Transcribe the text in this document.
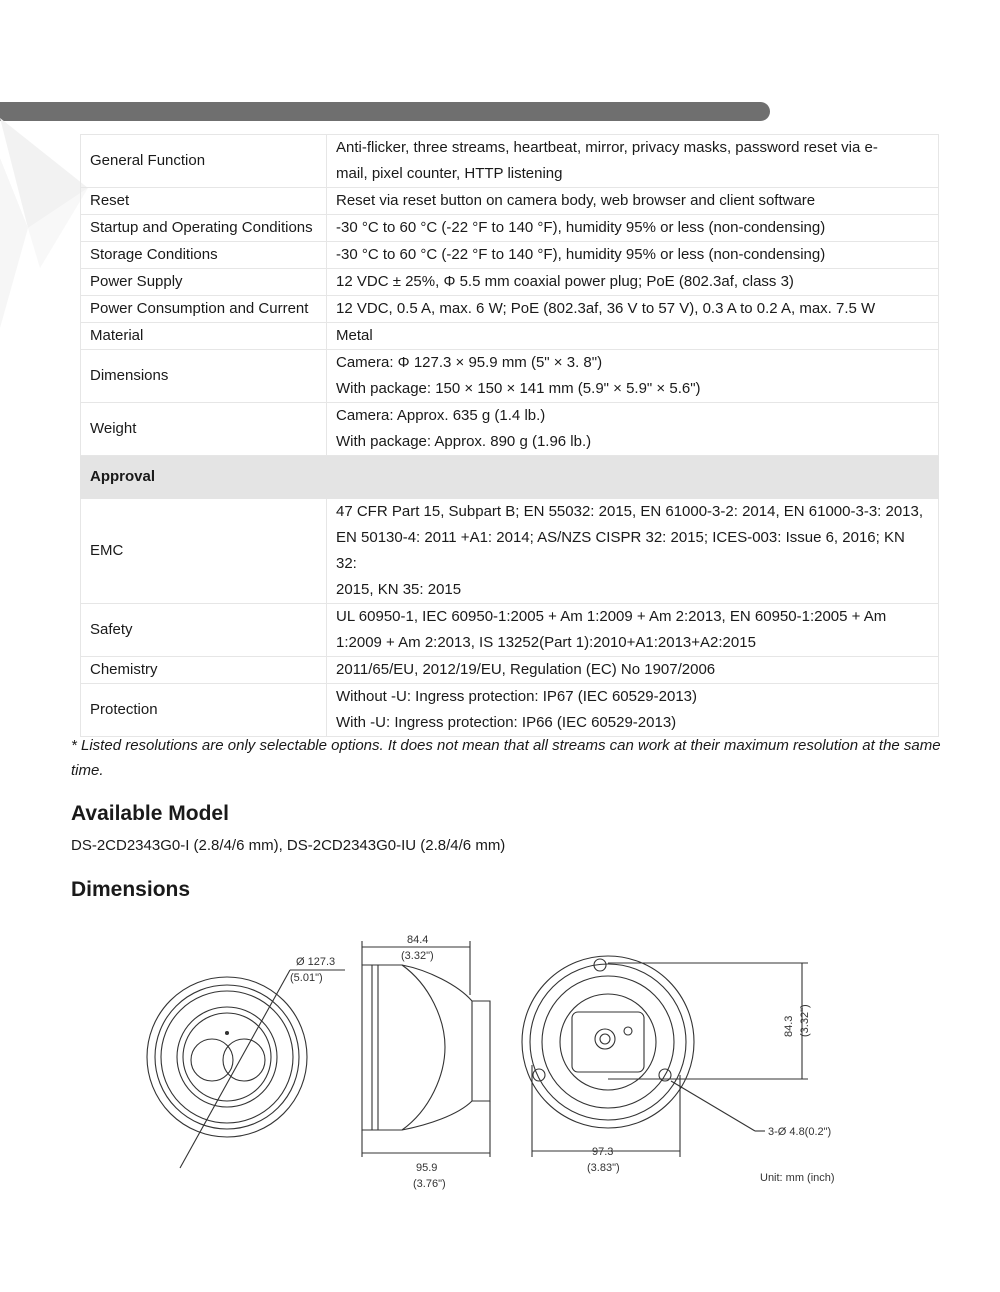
General Function	Anti-flicker, three streams, heartbeat, mirror, privacy masks, password reset via e-
mail, pixel counter, HTTP listening

Reset	Reset via reset button on camera body, web browser and client software

Startup and Operating Conditions	-30 °C to 60 °C (-22 °F to 140 °F), humidity 95% or less (non-condensing)

Storage Conditions	-30 °C to 60 °C (-22 °F to 140 °F), humidity 95% or less (non-condensing)

Power Supply	12 VDC ± 25%, Φ 5.5 mm coaxial power plug; PoE (802.3af, class 3)

Power Consumption and Current	12 VDC, 0.5 A, max. 6 W; PoE (802.3af, 36 V to 57 V), 0.3 A to 0.2 A, max. 7.5 W

Material	Metal

Dimensions	Camera: Φ 127.3 × 95.9 mm (5" × 3. 8")
With package: 150 × 150 × 141 mm (5.9" × 5.9" × 5.6")

Weight	Camera: Approx. 635 g (1.4 lb.)
With package: Approx. 890 g (1.96 lb.)

Approval	
EMC	47 CFR Part 15, Subpart B; EN 55032: 2015, EN 61000-3-2: 2014, EN 61000-3-3: 2013,
EN 50130-4: 2011 +A1: 2014; AS/NZS CISPR 32: 2015; ICES-003: Issue 6, 2016; KN 32:
2015, KN 35: 2015

Safety	UL 60950-1, IEC 60950-1:2005 + Am 1:2009 + Am 2:2013, EN 60950-1:2005 + Am
1:2009 + Am 2:2013, IS 13252(Part 1):2010+A1:2013+A2:2015

Chemistry	2011/65/EU, 2012/19/EU, Regulation (EC) No 1907/2006

Protection	Without -U: Ingress protection: IP67 (IEC 60529-2013)
With -U: Ingress protection: IP66 (IEC 60529-2013)
* Listed resolutions are only selectable options. It does not mean that all streams can work at their maximum resolution at the same time.
Available Model
DS-2CD2343G0-I (2.8/4/6 mm), DS-2CD2343G0-IU (2.8/4/6 mm)
Dimensions
Ø 127.3
(5.01")
84.4
(3.32")
95.9
(3.76")
97.3
(3.83")
84.3 (3.32")
3-Ø 4.8(0.2")
Unit: mm (inch)
